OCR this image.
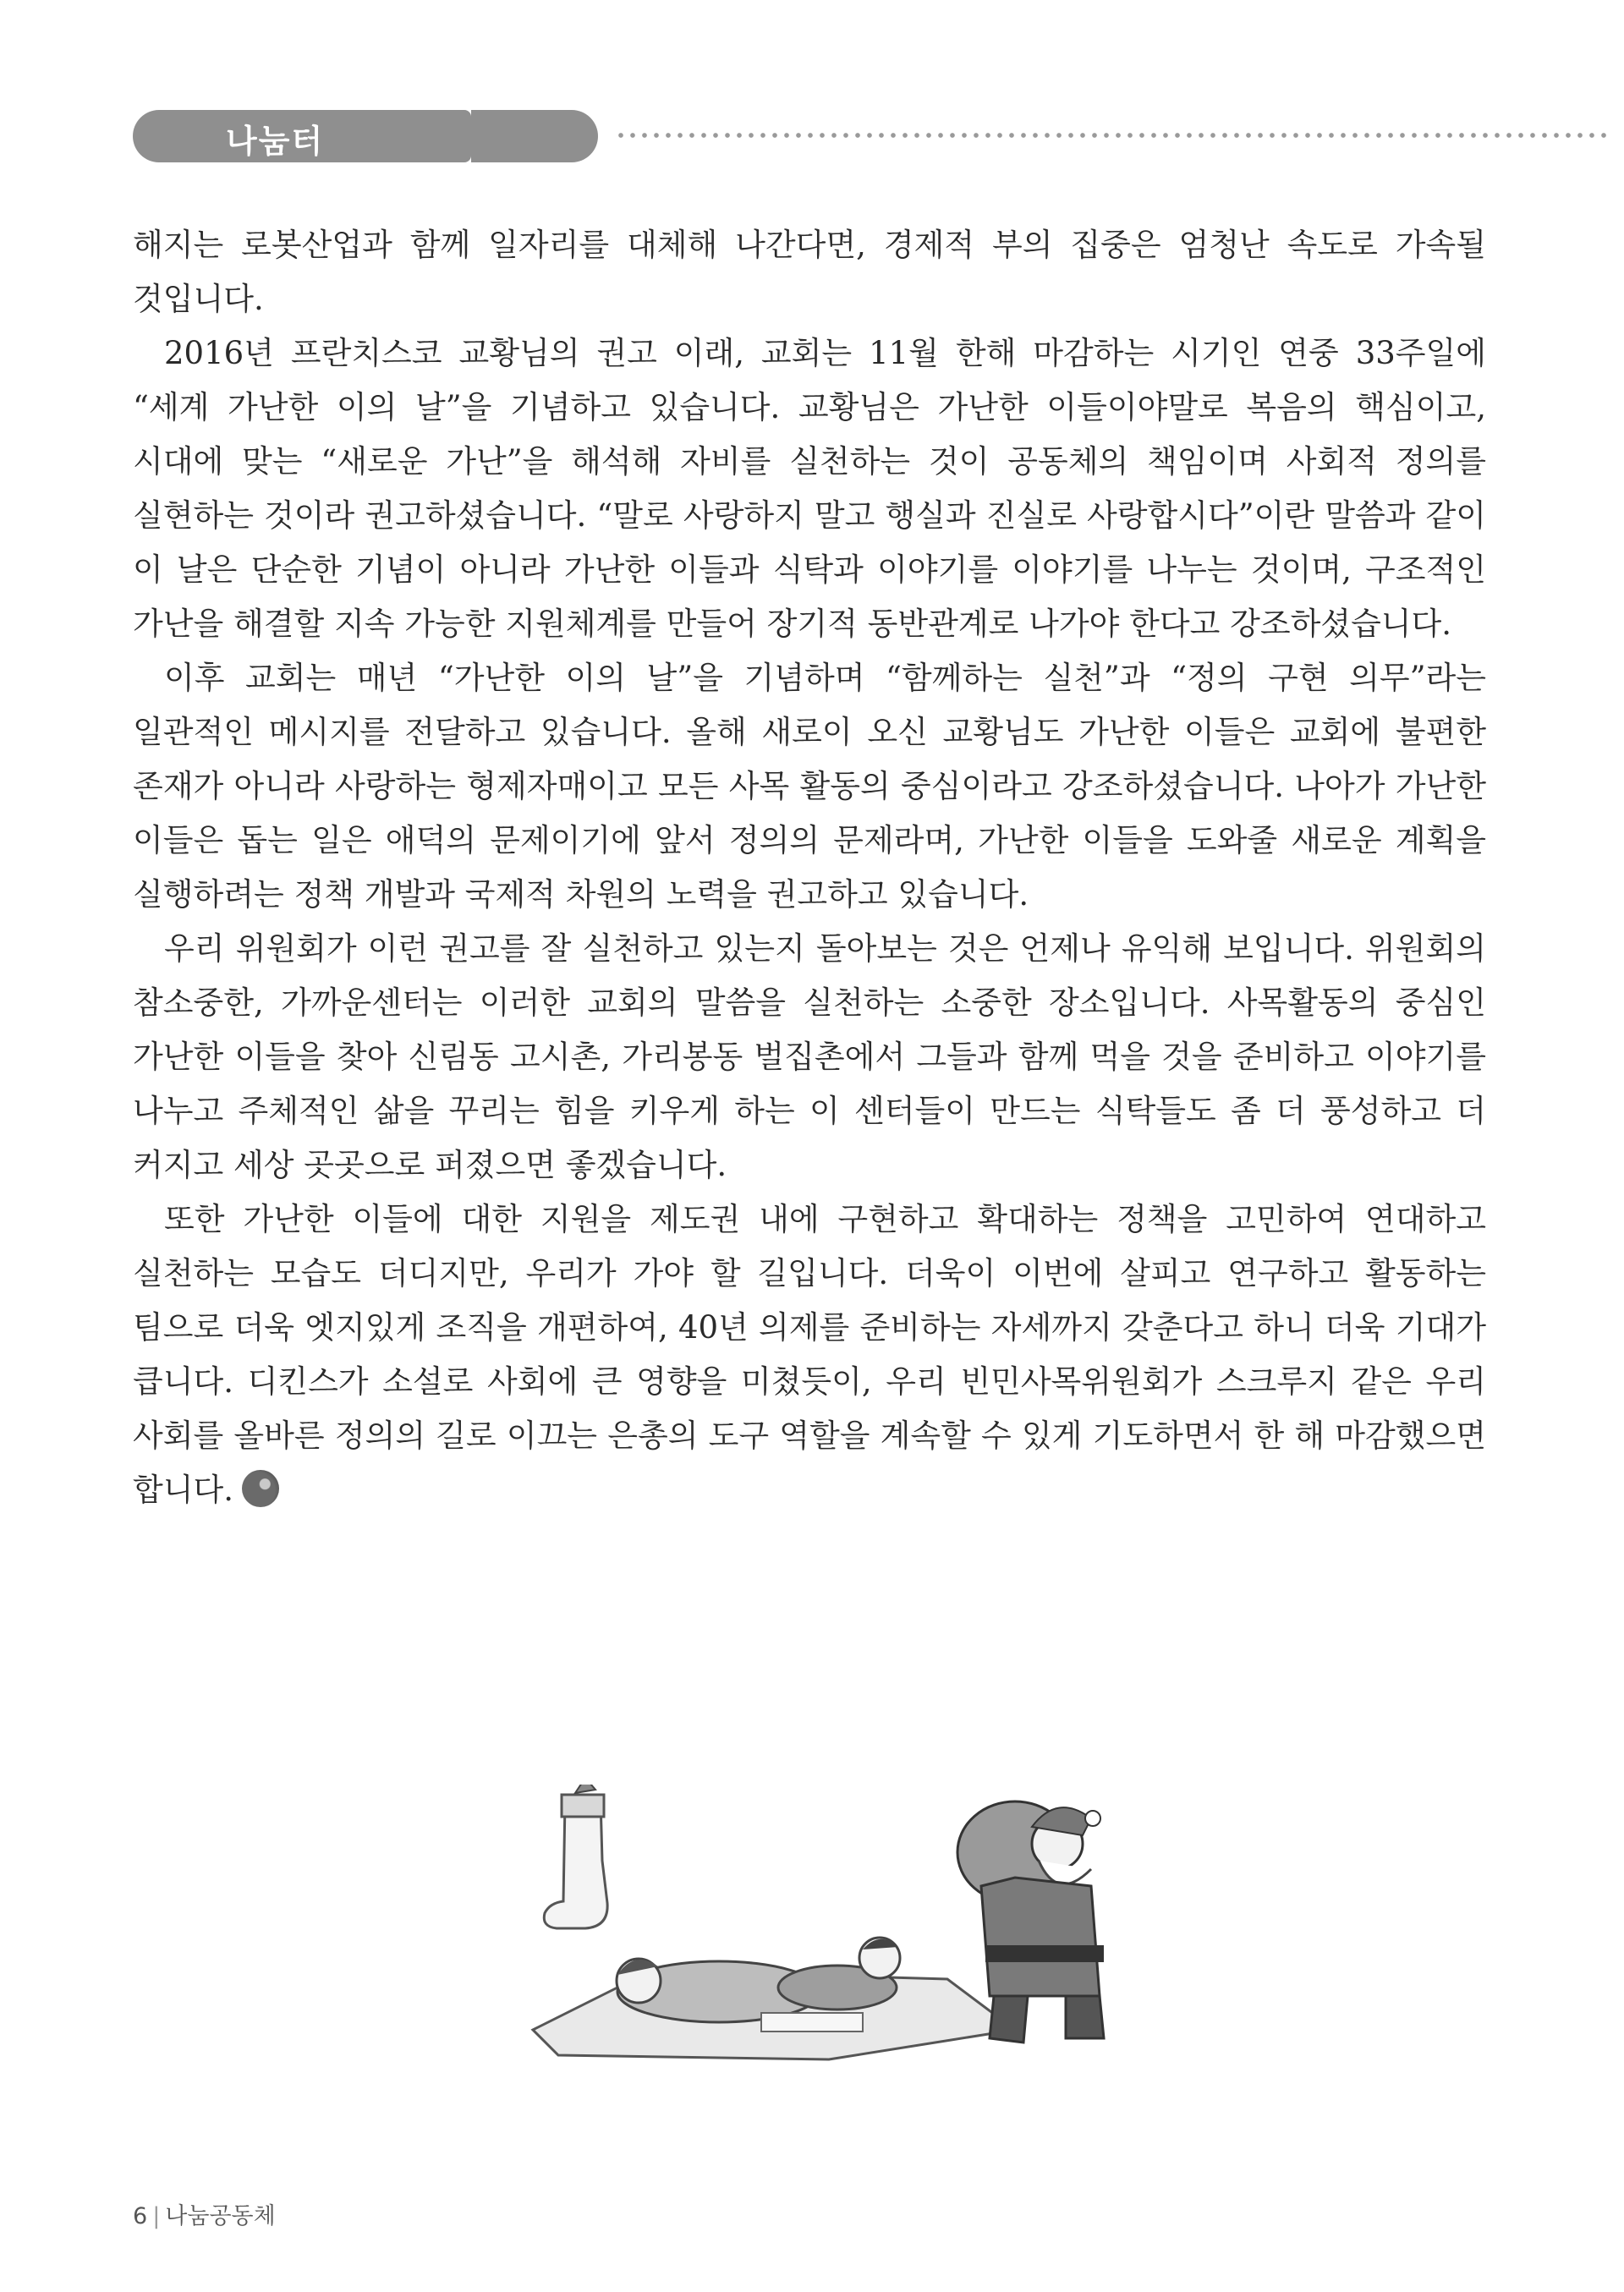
나눔터

해지는 로봇산업과 함께 일자리를 대체해 나간다면, 경제적 부의 집중은 엄청난 속도로 가속될 것입니다.

2016년 프란치스코 교황님의 권고 이래, 교회는 11월 한해 마감하는 시기인 연중 33주일에 “세계 가난한 이의 날”을 기념하고 있습니다. 교황님은 가난한 이들이야말로 복음의 핵심이고, 시대에 맞는 “새로운 가난”을 해석해 자비를 실천하는 것이 공동체의 책임이며 사회적 정의를 실현하는 것이라 권고하셨습니다. “말로 사랑하지 말고 행실과 진실로 사랑합시다”이란 말씀과 같이 이 날은 단순한 기념이 아니라 가난한 이들과 식탁과 이야기를 이야기를 나누는 것이며, 구조적인 가난을 해결할 지속 가능한 지원체계를 만들어 장기적 동반관계로 나가야 한다고 강조하셨습니다.

이후 교회는 매년 “가난한 이의 날”을 기념하며 “함께하는 실천”과 “정의 구현 의무”라는 일관적인 메시지를 전달하고 있습니다. 올해 새로이 오신 교황님도 가난한 이들은 교회에 불편한 존재가 아니라 사랑하는 형제자매이고 모든 사목 활동의 중심이라고 강조하셨습니다. 나아가 가난한 이들은 돕는 일은 애덕의 문제이기에 앞서 정의의 문제라며, 가난한 이들을 도와줄 새로운 계획을 실행하려는 정책 개발과 국제적 차원의 노력을 권고하고 있습니다.

우리 위원회가 이런 권고를 잘 실천하고 있는지 돌아보는 것은 언제나 유익해 보입니다. 위원회의 참소중한, 가까운센터는 이러한 교회의 말씀을 실천하는 소중한 장소입니다. 사목활동의 중심인 가난한 이들을 찾아 신림동 고시촌, 가리봉동 벌집촌에서 그들과 함께 먹을 것을 준비하고 이야기를 나누고 주체적인 삶을 꾸리는 힘을 키우게 하는 이 센터들이 만드는 식탁들도 좀 더 풍성하고 더 커지고 세상 곳곳으로 퍼졌으면 좋겠습니다.

또한 가난한 이들에 대한 지원을 제도권 내에 구현하고 확대하는 정책을 고민하여 연대하고 실천하는 모습도 더디지만, 우리가 가야 할 길입니다. 더욱이 이번에 살피고 연구하고 활동하는 팀으로 더욱 엣지있게 조직을 개편하여, 40년 의제를 준비하는 자세까지 갖춘다고 하니 더욱 기대가 큽니다. 디킨스가 소설로 사회에 큰 영향을 미쳤듯이, 우리 빈민사목위원회가 스크루지 같은 우리 사회를 올바른 정의의 길로 이끄는 은총의 도구 역할을 계속할 수 있게 기도하면서 한 해 마감했으면 합니다.

6 | 나눔공동체
